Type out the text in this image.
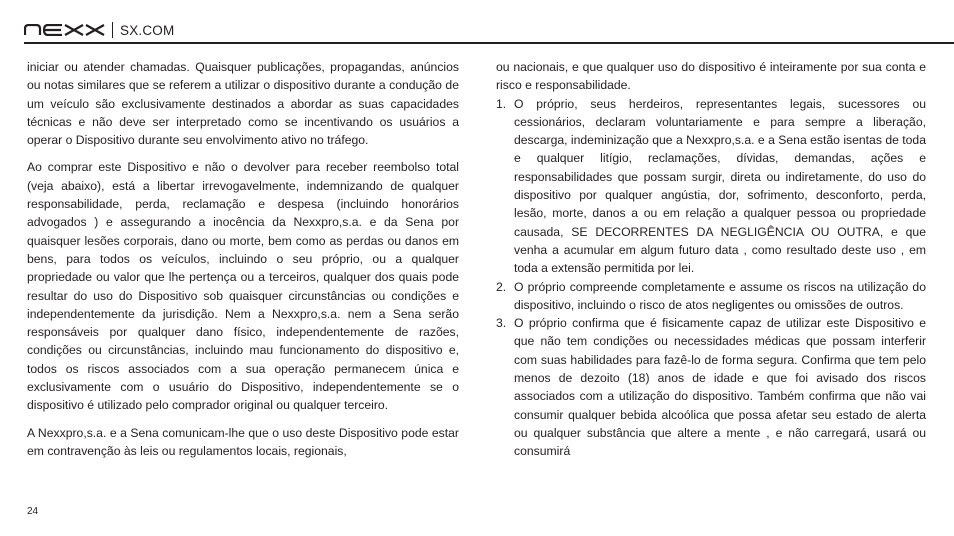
SX.COM

iniciar ou atender chamadas. Quaisquer publicações, propagandas, anúncios ou notas similares que se referem a utilizar o dispositivo durante a condução de um veículo são exclusivamente destinados a abordar as suas capacidades técnicas e não deve ser interpretado como se incentivando os usuários a operar o Dispositivo durante seu envolvimento ativo no tráfego.

Ao comprar este Dispositivo e não o devolver para receber reembolso total (veja abaixo), está a libertar irrevogavelmente, indemnizando de qualquer responsabilidade, perda, reclamação e despesa (incluindo honorários advogados ) e assegurando a inocência da Nexxpro,s.a. e da Sena por quaisquer lesões corporais, dano ou morte, bem como as perdas ou danos em bens, para todos os veículos, incluindo o seu próprio, ou a qualquer propriedade ou valor que lhe pertença ou a terceiros, qualquer dos quais pode resultar do uso do Dispositivo sob quaisquer circunstâncias ou condições e independentemente da jurisdição. Nem a Nexxpro,s.a. nem a Sena serão responsáveis por qualquer dano físico, independentemente de razões, condições ou circunstâncias, incluindo mau funcionamento do dispositivo e, todos os riscos associados com a sua operação permanecem única e exclusivamente com o usuário do Dispositivo, independentemente se o dispositivo é utilizado pelo comprador original ou qualquer terceiro.

A Nexxpro,s.a. e a Sena comunicam-lhe que o uso deste Dispositivo pode estar em contravenção às leis ou regulamentos locais, regionais,

ou nacionais, e que qualquer uso do dispositivo é inteiramente por sua conta e risco e responsabilidade.

1. O próprio, seus herdeiros, representantes legais, sucessores ou cessionários, declaram voluntariamente e para sempre a liberação, descarga, indeminização que a Nexxpro,s.a. e a Sena estão isentas de toda e qualquer litígio, reclamações, dívidas, demandas, ações e responsabilidades que possam surgir, direta ou indiretamente, do uso do dispositivo por qualquer angústia, dor, sofrimento, desconforto, perda, lesão, morte, danos a ou em relação a qualquer pessoa ou propriedade causada, SE DECORRENTES DA NEGLIGÊNCIA OU OUTRA, e que venha a acumular em algum futuro data , como resultado deste uso , em toda a extensão permitida por lei.
2. O próprio compreende completamente e assume os riscos na utilização do dispositivo, incluindo o risco de atos negligentes ou omissões de outros.
3. O próprio confirma que é fisicamente capaz de utilizar este Dispositivo e que não tem condições ou necessidades médicas que possam interferir com suas habilidades para fazê-lo de forma segura. Confirma que tem pelo menos de dezoito (18) anos de idade e que foi avisado dos riscos associados com a utilização do dispositivo. Também confirma que não vai consumir qualquer bebida alcoólica que possa afetar seu estado de alerta ou qualquer substância que altere a mente , e não carregará, usará ou consumirá
24
